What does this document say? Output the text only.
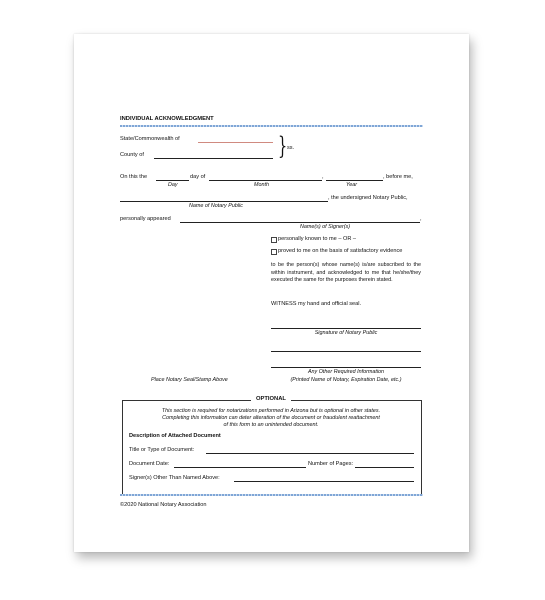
INDIVIDUAL ACKNOWLEDGMENT
State/Commonwealth of
County of	} ss.
On this the	day of	,	, before me,
Day	Month	Year
, the undersigned Notary Public,
Name of Notary Public
personally appeared	,
Name(s) of Signer(s)
personally known to me – OR –
proved to me on the basis of satisfactory evidence
to be the person(s) whose name(s) is/are subscribed to the within instrument, and acknowledged to me that he/she/they executed the same for the purposes therein stated.
WITNESS my hand and official seal.
Signature of Notary Public
Any Other Required Information
(Printed Name of Notary, Expiration Date, etc.)
Place Notary Seal/Stamp Above
OPTIONAL
This section is required for notarizations performed in Arizona but is optional in other states.
Completing this information can deter alteration of the document or fraudulent reattachment
of this form to an unintended document.
Description of Attached Document
Title or Type of Document:
Document Date:	Number of Pages:
Signer(s) Other Than Named Above:
©2020 National Notary Association
